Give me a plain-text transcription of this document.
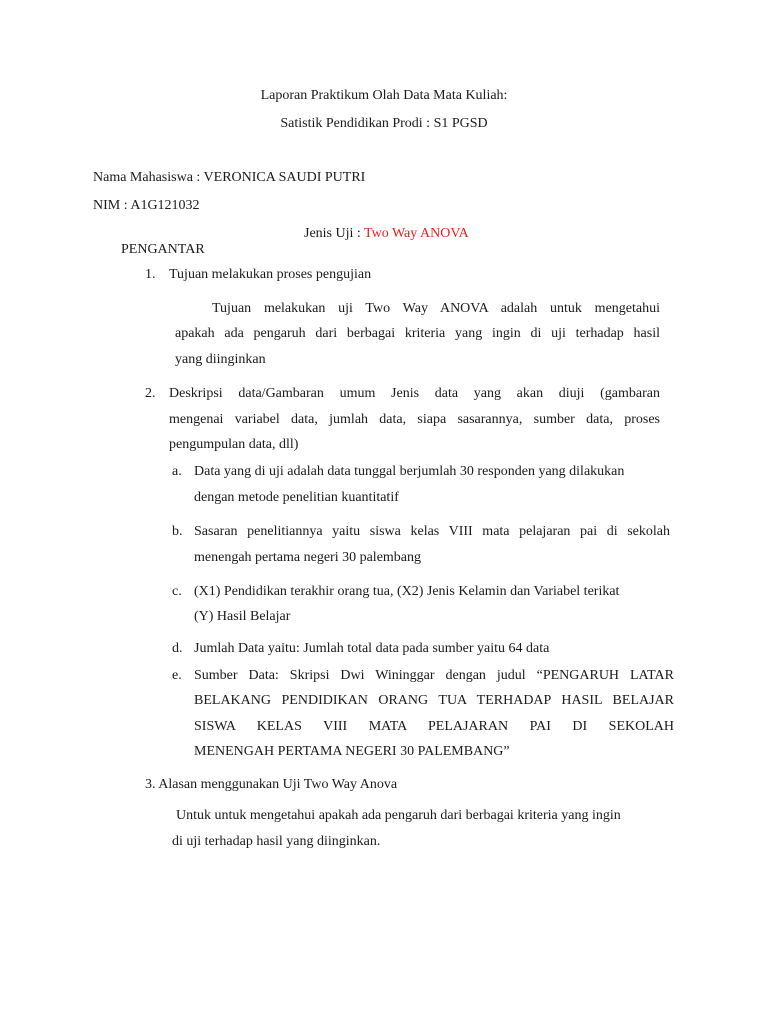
Laporan Praktikum Olah Data Mata Kuliah:
Satistik Pendidikan Prodi : S1 PGSD
Nama Mahasiswa : VERONICA SAUDI PUTRI
NIM : A1G121032
Jenis Uji : Two Way ANOVA
PENGANTAR
1. Tujuan melakukan proses pengujian
Tujuan melakukan uji Two Way ANOVA adalah untuk mengetahui
apakah ada pengaruh dari berbagai kriteria yang ingin di uji terhadap hasil
yang diinginkan
2. Deskripsi data/Gambaran umum Jenis data yang akan diuji (gambaran
mengenai variabel data, jumlah data, siapa sasarannya, sumber data, proses
pengumpulan data, dll)
a. Data yang di uji adalah data tunggal berjumlah 30 responden yang dilakukan
dengan metode penelitian kuantitatif
b. Sasaran penelitiannya yaitu siswa kelas VIII mata pelajaran pai di sekolah
menengah pertama negeri 30 palembang
c. (X1) Pendidikan terakhir orang tua, (X2) Jenis Kelamin dan Variabel terikat
(Y) Hasil Belajar
d. Jumlah Data yaitu: Jumlah total data pada sumber yaitu 64 data
e. Sumber Data: Skripsi Dwi Wininggar dengan judul “PENGARUH LATAR
BELAKANG PENDIDIKAN ORANG TUA TERHADAP HASIL BELAJAR
SISWA KELAS VIII MATA PELAJARAN PAI DI SEKOLAH
MENENGAH PERTAMA NEGERI 30 PALEMBANG”
3. Alasan menggunakan Uji Two Way Anova
Untuk untuk mengetahui apakah ada pengaruh dari berbagai kriteria yang ingin
di uji terhadap hasil yang diinginkan.
